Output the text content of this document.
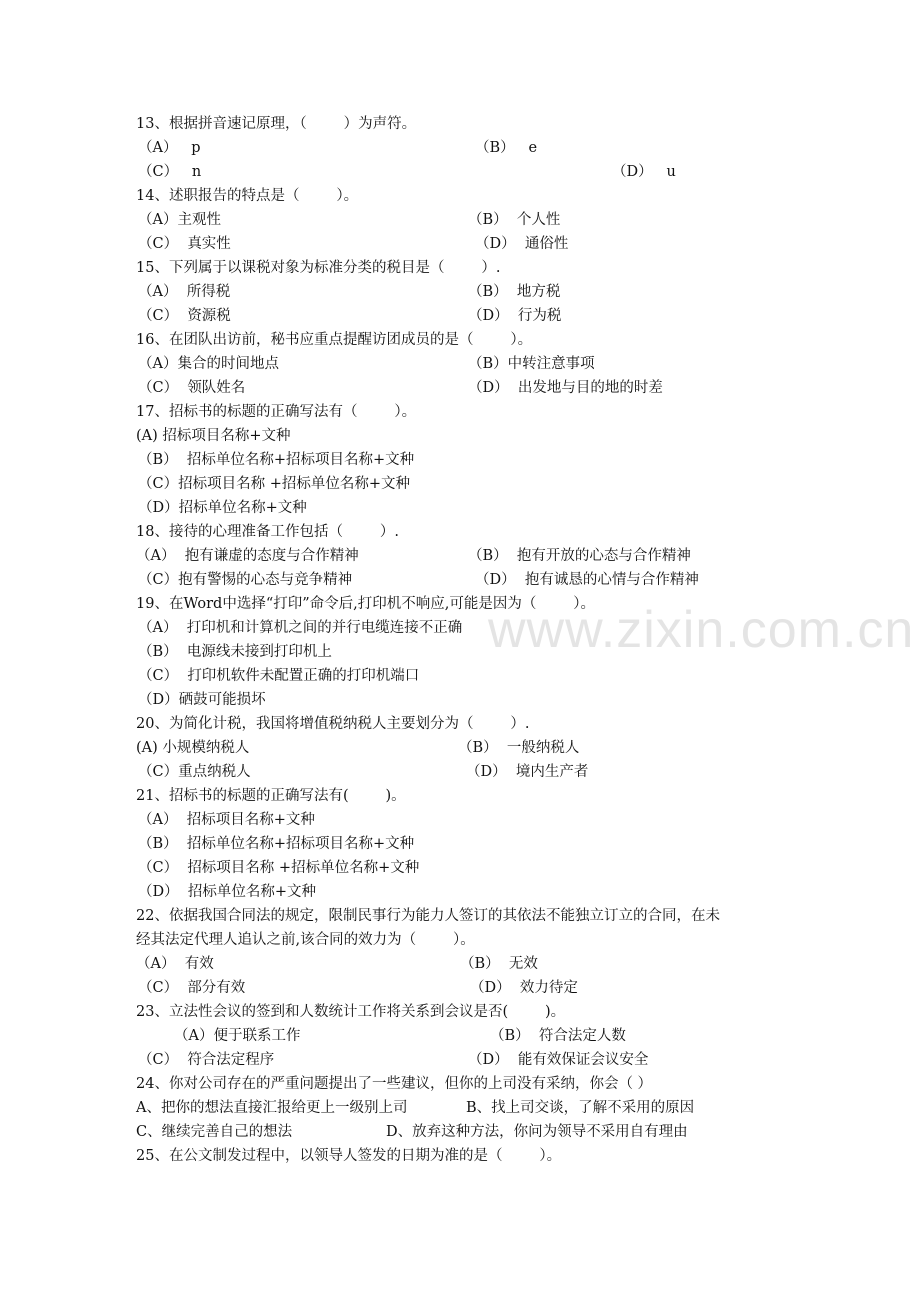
www.zixin.com.cn
13、根据拼音速记原理，（        ）为声符。
（A）   p	（B）   e
（C）   n	（D）   u
14、述职报告的特点是（        ）。
（A）主观性	（B）  个人性
（C）  真实性	（D）  通俗性
15、下列属于以课税对象为标准分类的税目是（        ）.
（A）  所得税	（B）  地方税
（C）  资源税	（D）  行为税
16、在团队出访前，秘书应重点提醒访团成员的是（        ）。
（A）集合的时间地点	（B）中转注意事项
（C）  领队姓名	（D）  出发地与目的地的时差
17、招标书的标题的正确写法有（        ）。
(A) 招标项目名称+文种
（B）  招标单位名称+招标项目名称+文种
（C）招标项目名称 +招标单位名称+文种
（D）招标单位名称+文种
18、接待的心理准备工作包括（        ）.
（A）  抱有谦虚的态度与合作精神	（B）  抱有开放的心态与合作精神
（C）抱有警惕的心态与竞争精神	（D）  抱有诚恳的心情与合作精神
19、在Word中选择“打印”命令后,打印机不响应,可能是因为（        ）。
（A）  打印机和计算机之间的并行电缆连接不正确
（B）  电源线未接到打印机上
（C）  打印机软件未配置正确的打印机端口
（D）硒鼓可能损坏
20、为简化计税，我国将增值税纳税人主要划分为（        ）.
(A) 小规模纳税人	（B）  一般纳税人
（C）重点纳税人	（D）  境内生产者
21、招标书的标题的正确写法有(        )。
（A）  招标项目名称+文种
（B）  招标单位名称+招标项目名称+文种
（C）  招标项目名称 +招标单位名称+文种
（D）  招标单位名称+文种
22、依据我国合同法的规定，限制民事行为能力人签订的其依法不能独立订立的合同，在未
经其法定代理人追认之前,该合同的效力为（        ）。
（A）  有效	（B）  无效
（C）  部分有效	（D）  效力待定
23、立法性会议的签到和人数统计工作将关系到会议是否(        )。
（A）便于联系工作	（B）  符合法定人数
（C）  符合法定程序	（D）  能有效保证会议安全
24、你对公司存在的严重问题提出了一些建议，但你的上司没有采纳，你会（ ）
A、把你的想法直接汇报给更上一级别上司	B、找上司交谈，了解不采用的原因
C、继续完善自己的想法	D、放弃这种方法，你问为领导不采用自有理由
25、在公文制发过程中，以领导人签发的日期为准的是（        ）。
